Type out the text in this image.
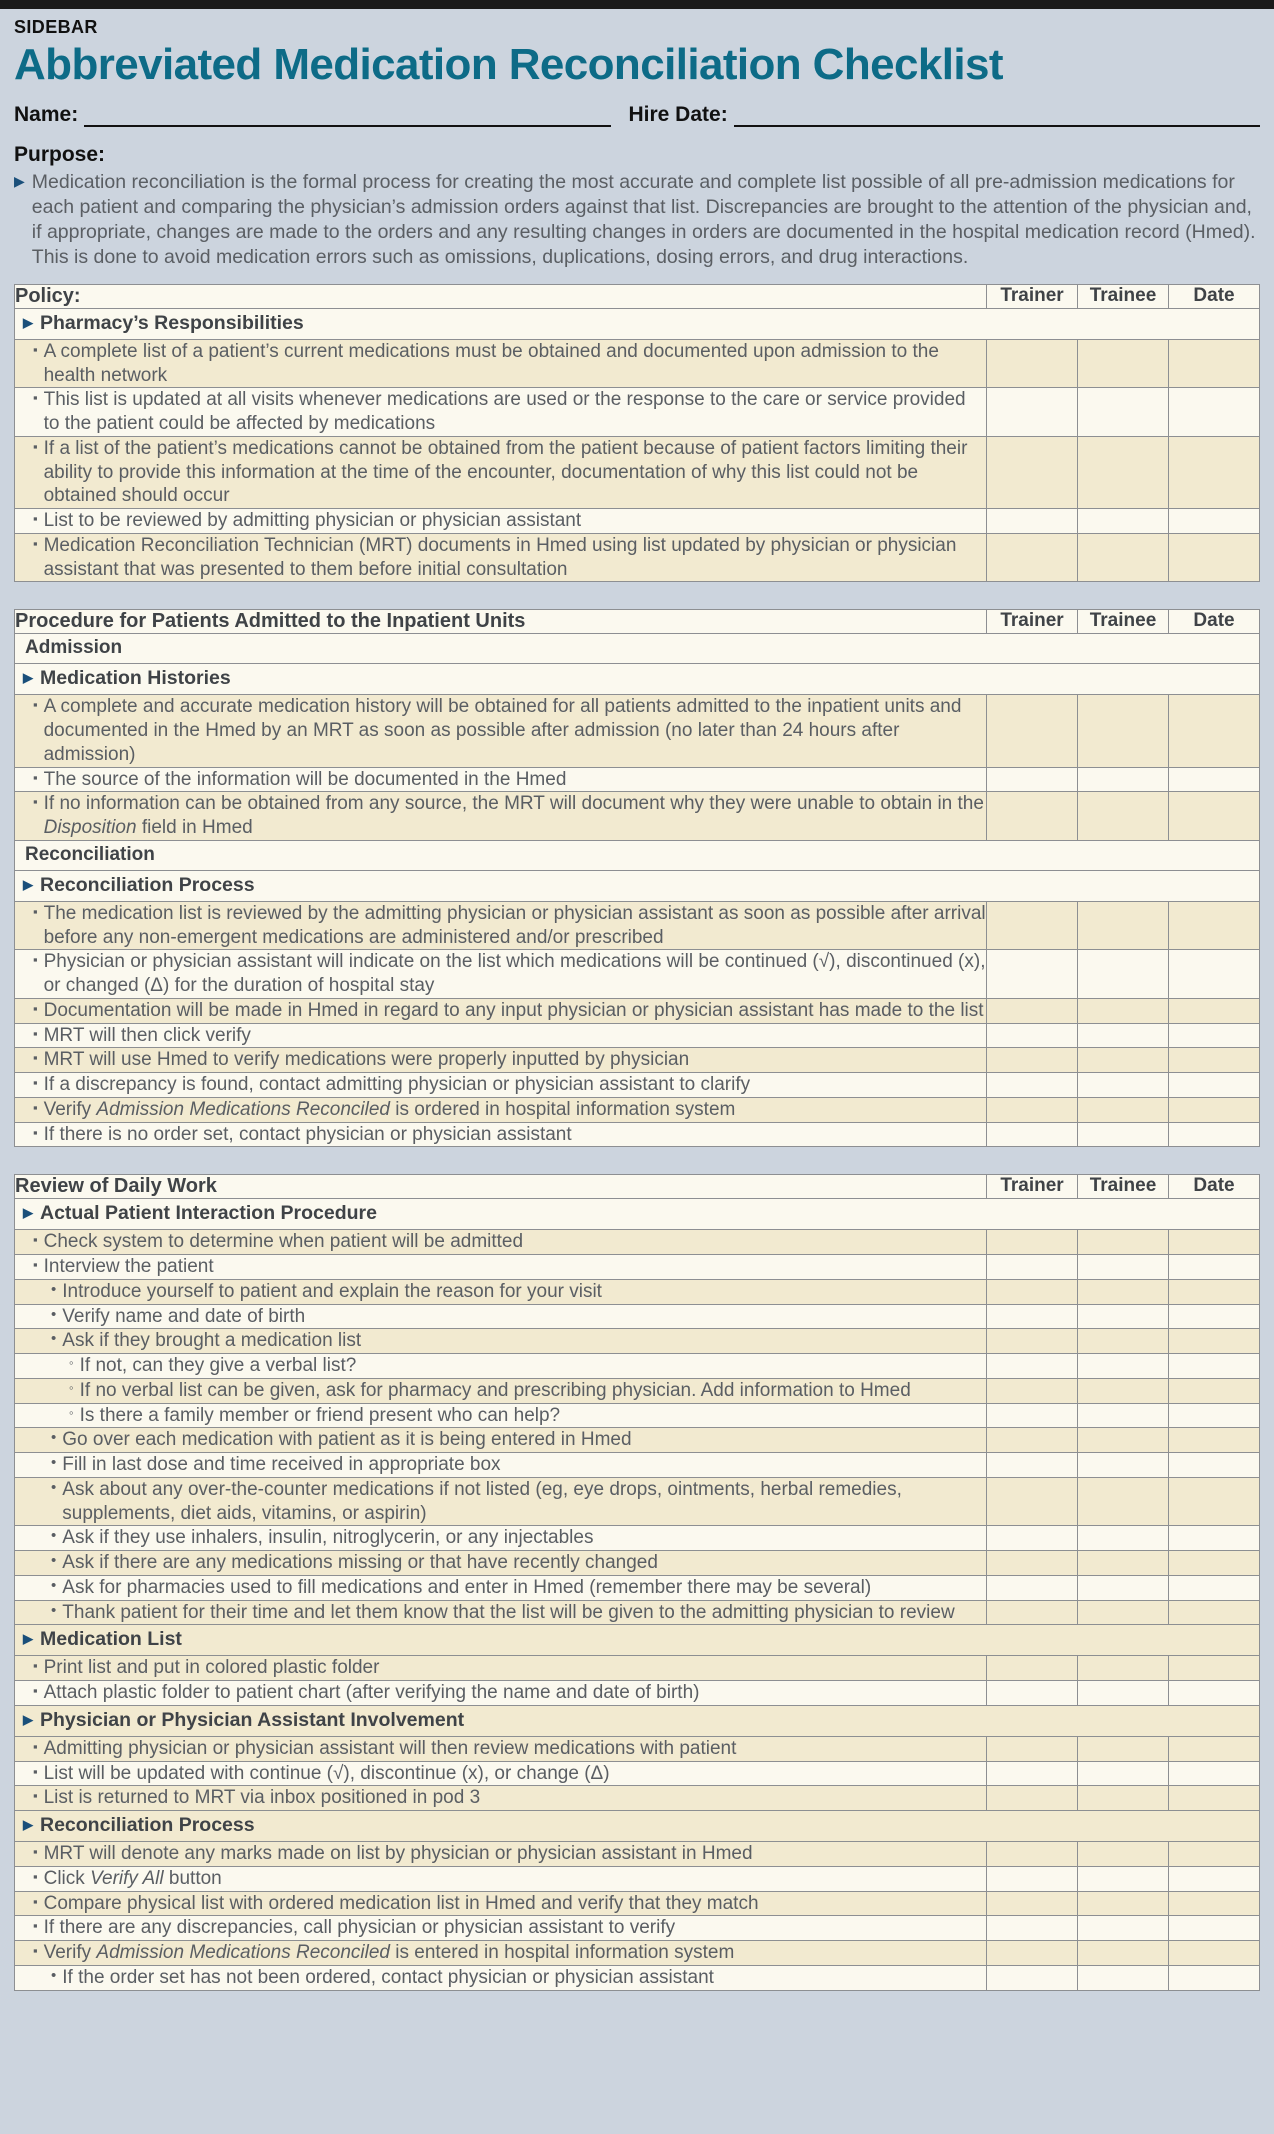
SIDEBAR
Abbreviated Medication Reconciliation Checklist
Name:	Hire Date:
Purpose:
▶ Medication reconciliation is the formal process for creating the most accurate and complete list possible of all pre-admission medications for each patient and comparing the physician’s admission orders against that list. Discrepancies are brought to the attention of the physician and, if appropriate, changes are made to the orders and any resulting changes in orders are documented in the hospital medication record (Hmed). This is done to avoid medication errors such as omissions, duplications, dosing errors, and drug interactions.
Policy:	Trainer	Trainee	Date

▶ Pharmacy’s Responsibilities			

▪ A complete list of a patient’s current medications must be obtained and documented upon admission to the health network			

▪ This list is updated at all visits whenever medications are used or the response to the care or service provided to the patient could be affected by medications			

▪ If a list of the patient’s medications cannot be obtained from the patient because of patient factors limiting their ability to provide this information at the time of the encounter, documentation of why this list could not be obtained should occur			

▪ List to be reviewed by admitting physician or physician assistant			

▪ Medication Reconciliation Technician (MRT) documents in Hmed using list updated by physician or physician assistant that was presented to them before initial consultation			

Procedure for Patients Admitted to the Inpatient Units	Trainer	Trainee	Date
Admission			

▶ Medication Histories			

▪ A complete and accurate medication history will be obtained for all patients admitted to the inpatient units and documented in the Hmed by an MRT as soon as possible after admission (no later than 24 hours after admission)			

▪ The source of the information will be documented in the Hmed			

▪ If no information can be obtained from any source, the MRT will document why they were unable to obtain in the Disposition field in Hmed			

Reconciliation			

▶ Reconciliation Process			

▪ The medication list is reviewed by the admitting physician or physician assistant as soon as possible after arrival before any non-emergent medications are administered and/or prescribed			

▪ Physician or physician assistant will indicate on the list which medications will be continued (√), discontinued (x), or changed (Δ) for the duration of hospital stay			

▪ Documentation will be made in Hmed in regard to any input physician or physician assistant has made to the list			

▪ MRT will then click verify			

▪ MRT will use Hmed to verify medications were properly inputted by physician			

▪ If a discrepancy is found, contact admitting physician or physician assistant to clarify			

▪ Verify Admission Medications Reconciled is ordered in hospital information system			

▪ If there is no order set, contact physician or physician assistant			

Review of Daily Work	Trainer	Trainee	Date

▶ Actual Patient Interaction Procedure			

▪ Check system to determine when patient will be admitted			

▪ Interview the patient			

• Introduce yourself to patient and explain the reason for your visit			

• Verify name and date of birth			

• Ask if they brought a medication list			

◦ If not, can they give a verbal list?			

◦ If no verbal list can be given, ask for pharmacy and prescribing physician. Add information to Hmed			

◦ Is there a family member or friend present who can help?			

• Go over each medication with patient as it is being entered in Hmed			

• Fill in last dose and time received in appropriate box			

• Ask about any over-the-counter medications if not listed (eg, eye drops, ointments, herbal remedies, supplements, diet aids, vitamins, or aspirin)			

• Ask if they use inhalers, insulin, nitroglycerin, or any injectables			

• Ask if there are any medications missing or that have recently changed			

• Ask for pharmacies used to fill medications and enter in Hmed (remember there may be several)			

• Thank patient for their time and let them know that the list will be given to the admitting physician to review			

▶ Medication List			

▪ Print list and put in colored plastic folder			

▪ Attach plastic folder to patient chart (after verifying the name and date of birth)			

▶ Physician or Physician Assistant Involvement			

▪ Admitting physician or physician assistant will then review medications with patient			

▪ List will be updated with continue (√), discontinue (x), or change (Δ)			

▪ List is returned to MRT via inbox positioned in pod 3			

▶ Reconciliation Process			

▪ MRT will denote any marks made on list by physician or physician assistant in Hmed			

▪ Click Verify All button			

▪ Compare physical list with ordered medication list in Hmed and verify that they match			

▪ If there are any discrepancies, call physician or physician assistant to verify			

▪ Verify Admission Medications Reconciled is entered in hospital information system			

• If the order set has not been ordered, contact physician or physician assistant			
